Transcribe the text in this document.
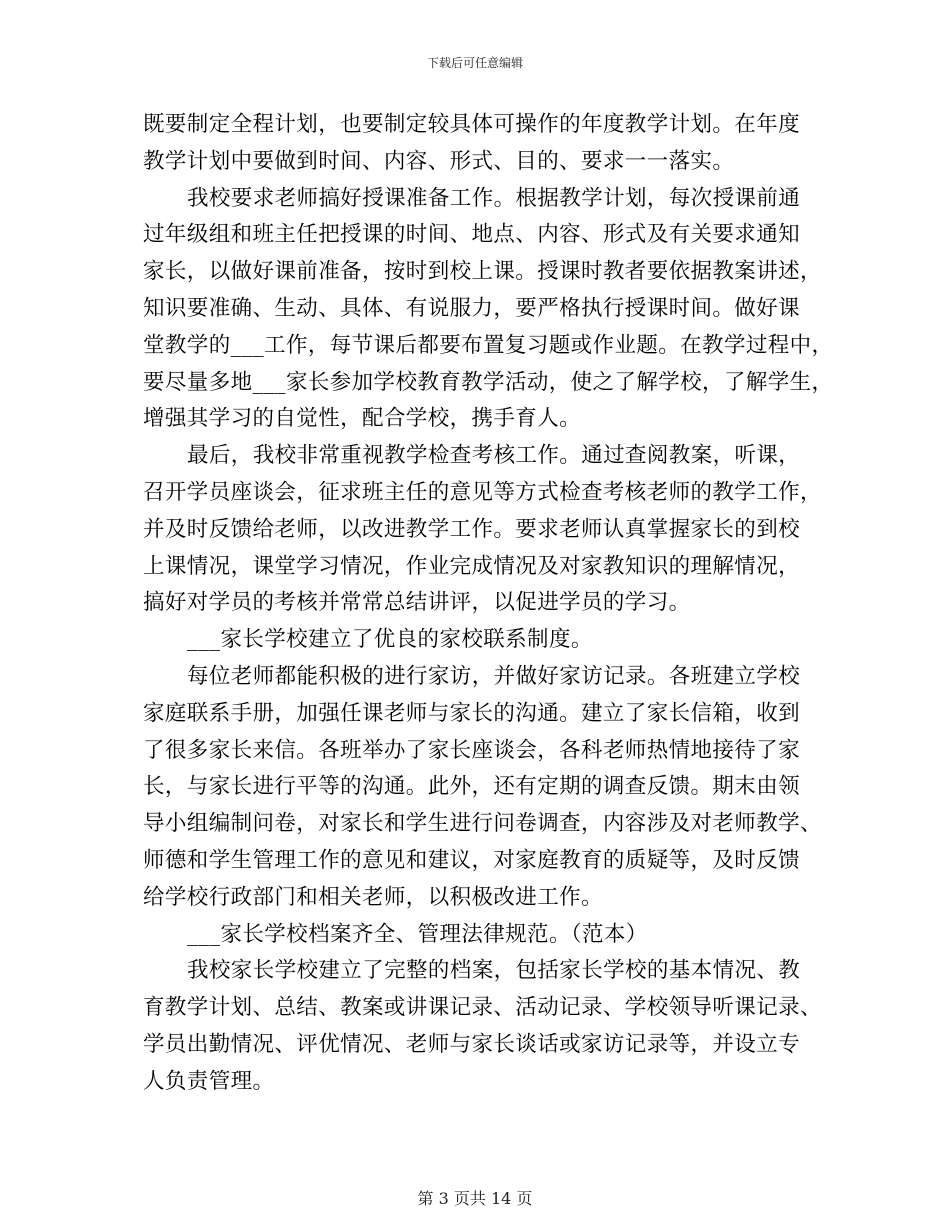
下载后可任意编辑
既要制定全程计划，也要制定较具体可操作的年度教学计划。在年度
教学计划中要做到时间、内容、形式、目的、要求一一落实。
我校要求老师搞好授课准备工作。根据教学计划，每次授课前通
过年级组和班主任把授课的时间、地点、内容、形式及有关要求通知
家长，以做好课前准备，按时到校上课。授课时教者要依据教案讲述，
知识要准确、生动、具体、有说服力，要严格执行授课时间。做好课
堂教学的___工作，每节课后都要布置复习题或作业题。在教学过程中，
要尽量多地___家长参加学校教育教学活动，使之了解学校，了解学生，
增强其学习的自觉性，配合学校，携手育人。
最后，我校非常重视教学检查考核工作。通过查阅教案，听课，
召开学员座谈会，征求班主任的意见等方式检查考核老师的教学工作，
并及时反馈给老师，以改进教学工作。要求老师认真掌握家长的到校
上课情况，课堂学习情况，作业完成情况及对家教知识的理解情况，
搞好对学员的考核并常常总结讲评，以促进学员的学习。
___家长学校建立了优良的家校联系制度。
每位老师都能积极的进行家访，并做好家访记录。各班建立学校
家庭联系手册，加强任课老师与家长的沟通。建立了家长信箱，收到
了很多家长来信。各班举办了家长座谈会，各科老师热情地接待了家
长，与家长进行平等的沟通。此外，还有定期的调查反馈。期末由领
导小组编制问卷，对家长和学生进行问卷调查，内容涉及对老师教学、
师德和学生管理工作的意见和建议，对家庭教育的质疑等，及时反馈
给学校行政部门和相关老师，以积极改进工作。
___家长学校档案齐全、管理法律规范。（范本）
我校家长学校建立了完整的档案，包括家长学校的基本情况、教
育教学计划、总结、教案或讲课记录、活动记录、学校领导听课记录、
学员出勤情况、评优情况、老师与家长谈话或家访记录等，并设立专
人负责管理。
第 3 页共 14 页
